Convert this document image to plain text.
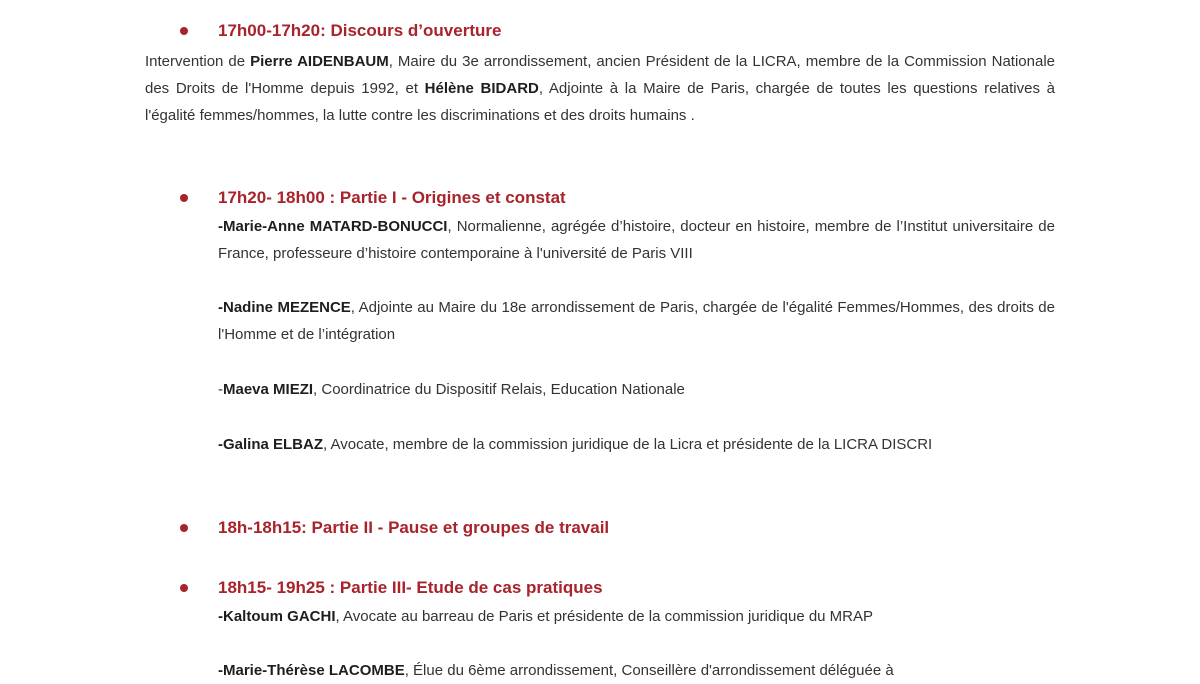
17h00-17h20: Discours d’ouverture
Intervention de Pierre AIDENBAUM, Maire du 3e arrondissement, ancien Président de la LICRA, membre de la Commission Nationale des Droits de l'Homme depuis 1992, et Hélène BIDARD, Adjointe à la Maire de Paris, chargée de toutes les questions relatives à l'égalité femmes/hommes, la lutte contre les discriminations et des droits humains .
17h20- 18h00 : Partie I - Origines et constat
-Marie-Anne MATARD-BONUCCI, Normalienne, agrégée d’histoire, docteur en histoire, membre de l’Institut universitaire de France, professeure d’histoire contemporaine à l'université de Paris VIII
-Nadine MEZENCE, Adjointe au Maire du 18e arrondissement de Paris, chargée de l'égalité Femmes/Hommes, des droits de l'Homme et de l’intégration
-Maeva MIEZI, Coordinatrice du Dispositif Relais, Education Nationale
-Galina ELBAZ, Avocate, membre de la commission juridique de la Licra et présidente de la LICRA DISCRI
18h-18h15: Partie II - Pause et groupes de travail
18h15- 19h25 : Partie III- Etude de cas pratiques
-Kaltoum GACHI, Avocate au barreau de Paris et présidente de la commission juridique du MRAP
-Marie-Thérèse LACOMBE, Élue du 6ème arrondissement, Conseillère d'arrondissement déléguée à
